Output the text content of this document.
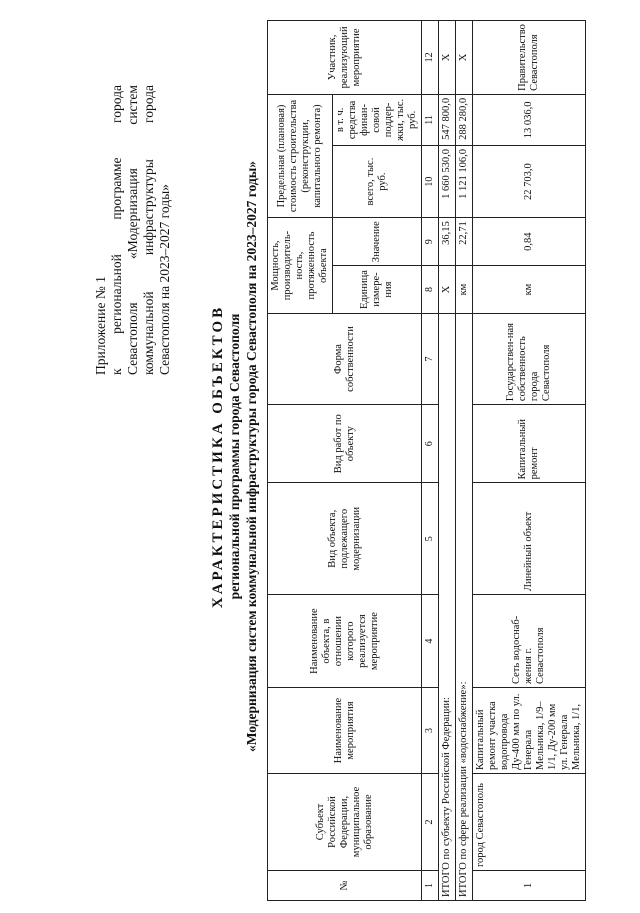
Приложение № 1 к
региональной
программе
города
Севастополя
«Модернизация
систем
коммунальной
инфраструктуры
города
Севастополя на 2023–2027 годы»
ХАРАКТЕРИСТИКА ОБЪЕКТОВ региональной программы города Севастополя «Модернизация систем коммунальной инфраструктуры города Севастополя на 2023–2027 годы»
№	Субъект Российской Федерации, муниципальное образование	Наименование мероприятия	Наименование объекта, в отношении которого реализуется мероприятие	Вид объекта, подлежащего модернизации	Вид работ по объекту	Форма собственности	Мощность, производитель-ность, протяженность объекта		Предельная (плановая) стоимость строительства (реконструкции, капитального ремонта)		Участник, реализующий мероприятие
							Единица измере-ния	Значение	всего, тыс. руб.	в т. ч. средства финан-совой поддер-жки, тыс. руб.	
1	2	3	4	5	6	7	8	9	10	11	12
ИТОГО по субъекту Российской Федерации:							X	36,15	1 660 530,0	547 800,0	X
ИТОГО по сфере реализации «водоснабжение»:							км	22,71	1 121 106,0	288 280,0	X
1	город Севастополь	Капитальный ремонт участка водопровода Ду-400 мм по ул. Генерала Мельника, 1/9–1/1, Ду-200 мм ул. Генерала Мельника, 1/1,	Сеть водоснаб-жения г. Севастополя	Линейный объект	Капитальный ремонт	Государствен-ная собственность города Севастополя	км	0,84	22 703,0	13 036,0	Правительство Севастополя
